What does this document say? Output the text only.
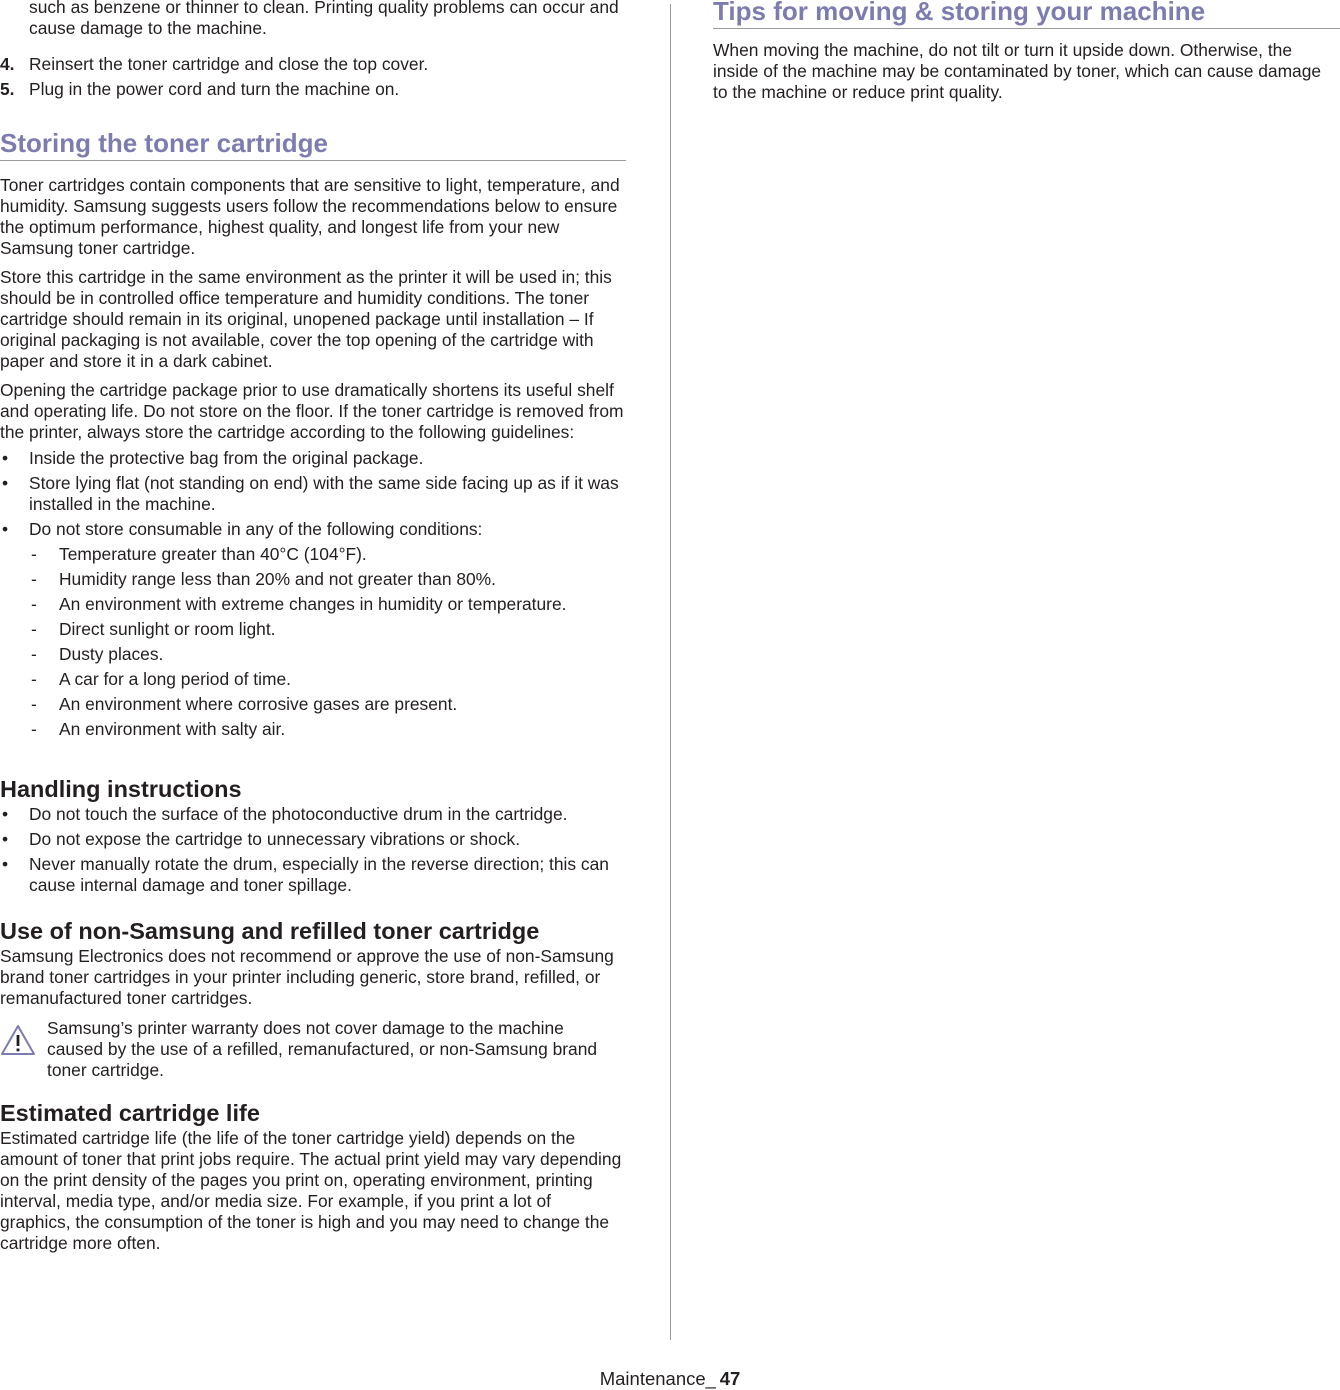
such as benzene or thinner to clean. Printing quality problems can occur and cause damage to the machine.

4. Reinsert the toner cartridge and close the top cover.
5. Plug in the power cord and turn the machine on.
Storing the toner cartridge

Toner cartridges contain components that are sensitive to light, temperature, and humidity. Samsung suggests users follow the recommendations below to ensure the optimum performance, highest quality, and longest life from your new Samsung toner cartridge.

Store this cartridge in the same environment as the printer it will be used in; this should be in controlled office temperature and humidity conditions. The toner cartridge should remain in its original, unopened package until installation – If original packaging is not available, cover the top opening of the cartridge with paper and store it in a dark cabinet.

Opening the cartridge package prior to use dramatically shortens its useful shelf and operating life. Do not store on the floor. If the toner cartridge is removed from the printer, always store the cartridge according to the following guidelines:

• Inside the protective bag from the original package.
• Store lying flat (not standing on end) with the same side facing up as if it was installed in the machine.
• Do not store consumable in any of the following conditions:
- Temperature greater than 40°C (104°F).
- Humidity range less than 20% and not greater than 80%.
- An environment with extreme changes in humidity or temperature.
- Direct sunlight or room light.
- Dusty places.
- A car for a long period of time.
- An environment where corrosive gases are present.
- An environment with salty air.
Handling instructions
• Do not touch the surface of the photoconductive drum in the cartridge.
• Do not expose the cartridge to unnecessary vibrations or shock.
• Never manually rotate the drum, especially in the reverse direction; this can cause internal damage and toner spillage.
Use of non-Samsung and refilled toner cartridge

Samsung Electronics does not recommend or approve the use of non-Samsung brand toner cartridges in your printer including generic, store brand, refilled, or remanufactured toner cartridges.

Samsung’s printer warranty does not cover damage to the machine caused by the use of a refilled, remanufactured, or non-Samsung brand toner cartridge.

Estimated cartridge life

Estimated cartridge life (the life of the toner cartridge yield) depends on the amount of toner that print jobs require. The actual print yield may vary depending on the print density of the pages you print on, operating environment, printing interval, media type, and/or media size. For example, if you print a lot of graphics, the consumption of the toner is high and you may need to change the cartridge more often.

Tips for moving & storing your machine

When moving the machine, do not tilt or turn it upside down. Otherwise, the inside of the machine may be contaminated by toner, which can cause damage to the machine or reduce print quality.

Maintenance_  47
